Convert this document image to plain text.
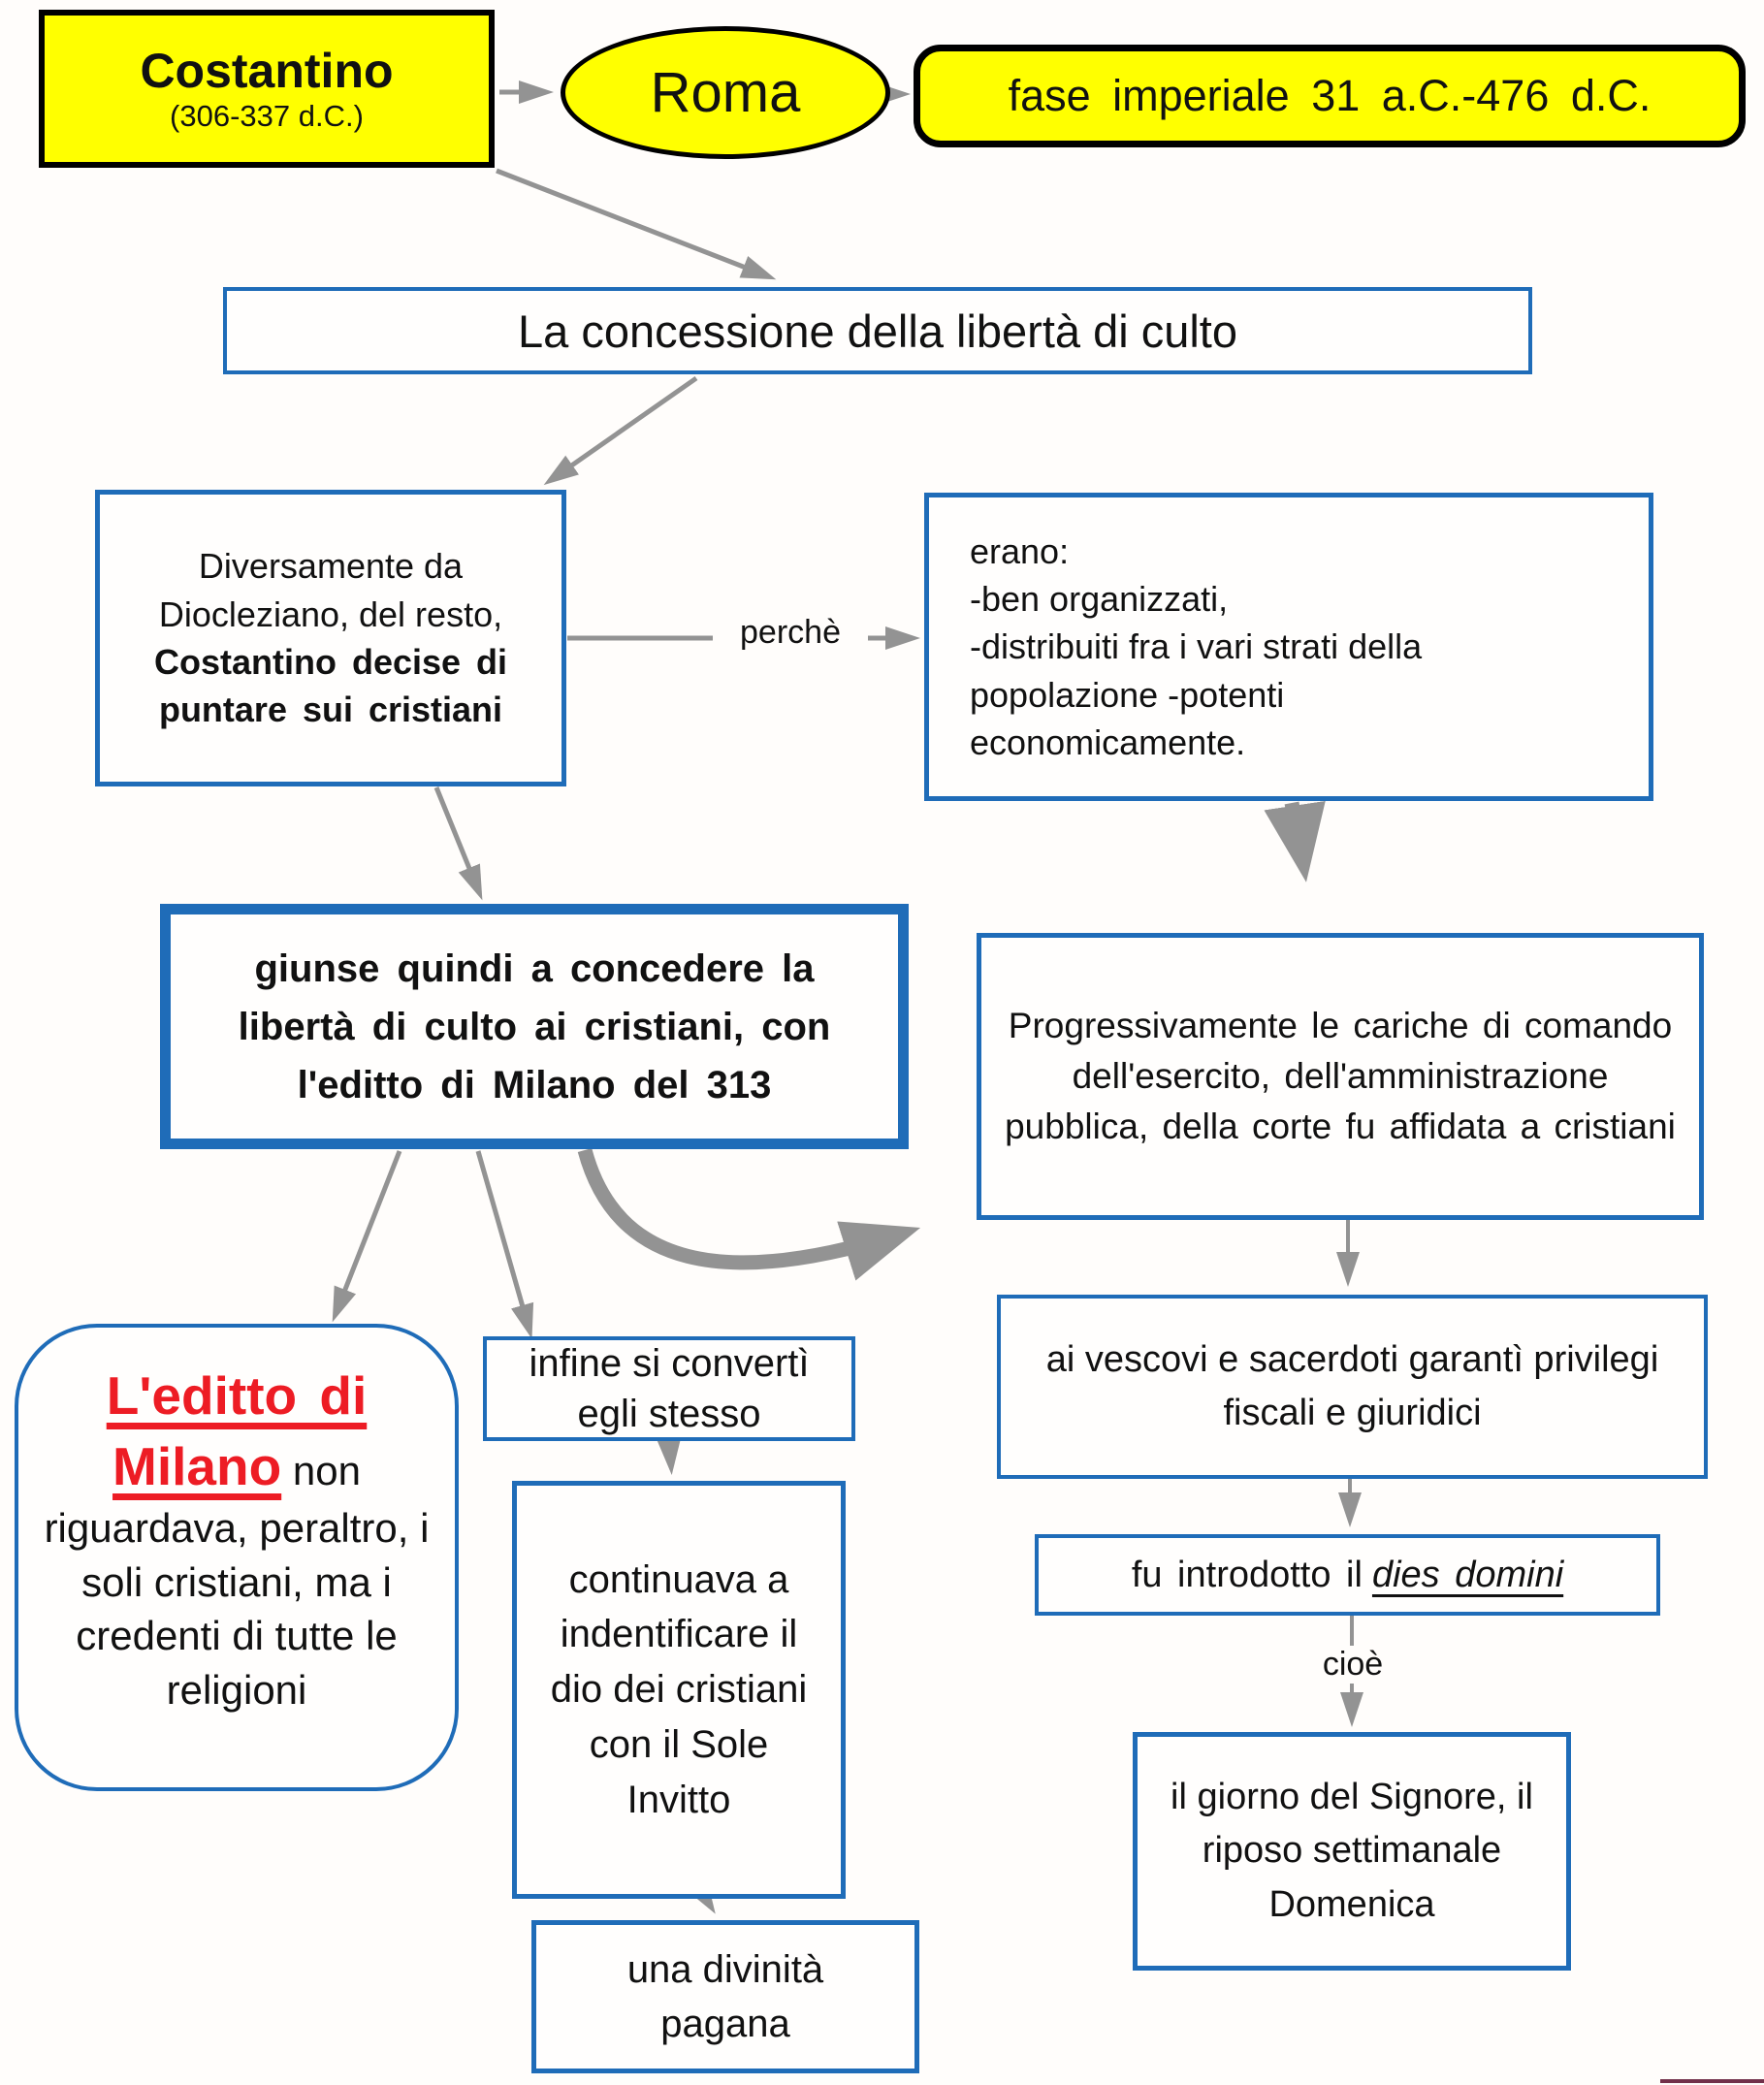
Costantino
(306-337 d.C.)	Roma	fase imperiale 31 a.C.-476 d.C.
La concessione della libertà di culto
Diversamente da Diocleziano, del resto,
Costantino decise di puntare sui cristiani
erano:
-ben organizzati,
-distribuiti fra i vari strati della
popolazione -potenti
economicamente.
giunse quindi a concedere la libertà di culto ai cristiani, con l'editto di Milano del 313
Progressivamente le cariche di comando dell'esercito, dell'amministrazione pubblica, della corte fu affidata a cristiani
ai vescovi e sacerdoti garantì privilegi fiscali e giuridici
fu introdotto il dies domini
il giorno del Signore, il riposo settimanale Domenica
L'editto di Milano non riguardava, peraltro, i soli cristiani, ma i credenti di tutte le religioni
infine si convertì egli stesso
continuava a indentificare il dio dei cristiani con il Sole Invitto
una divinità pagana
perchè
cioè
